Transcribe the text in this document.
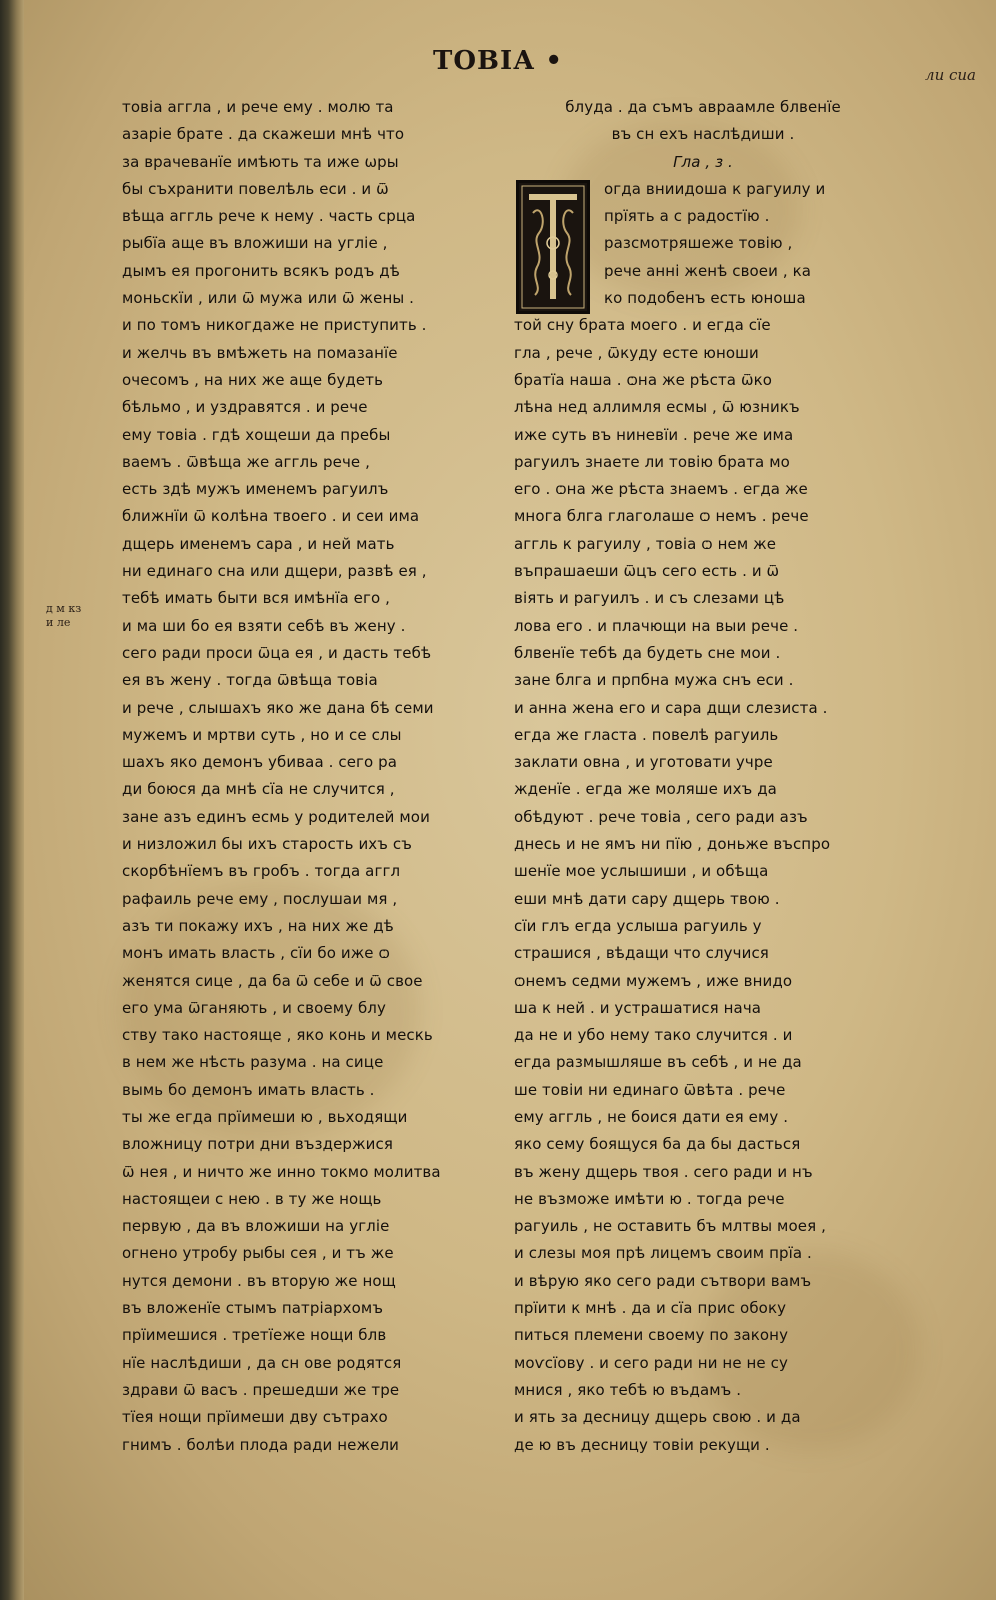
ТОВІА •	ли сиа
д м кз
и ле
товіа аггла , и рече ему . молю та
азаріе брате . да скажеши мнѣ что
за врачеванїе имѣють та иже ѡры
бы съхранити повелѣль еси . и ѿ
вѣща аггль рече к нему . часть срца
рыбїа аще въ вложиши на угліе ,
дымъ ея прогонить всякъ родъ дѣ
моньскїи , или ѿ мужа или ѿ жены .
и по томъ никогдаже не приступить .
и желчь въ вмѣжеть на помазанїе
очесомъ , на них же аще будеть
бѣльмо , и уздравятся . и рече
ему товіа . гдѣ хощеши да пребы
ваемъ . ѿвѣща же аггль рече ,
есть здѣ мужъ именемъ рагуилъ
ближнїи ѿ колѣна твоего . и сеи има
дщерь именемъ сара , и ней мать
ни единаго сна или дщери, развѣ ея ,
тебѣ имать быти вся имѣнїа его ,
и ма ши бо ея взяти себѣ въ жену .
сего ради проси ѿца ея , и дасть тебѣ
ея въ жену . тогда ѿвѣща товіа
и рече , слышахъ яко же дана бѣ семи
мужемъ и мртви суть , но и се слы
шахъ яко демонъ убиваа . сего ра
ди боюся да мнѣ сїа не случится ,
зане азъ единъ есмь у родителей мои
и низложил бы ихъ старость ихъ съ
скорбѣнїемъ въ гробъ . тогда аггл
рафаиль рече ему , послушаи мя ,
азъ ти покажу ихъ , на них же дѣ
монъ имать власть , сїи бо иже ѻ
женятся сице , да ба ѿ себе и ѿ свое
его ума ѿганяють , и своему блу
ству тако настояще , яко конь и мескь
в нем же нѣсть разума . на сице
вымь бо демонъ имать власть .
ты же егда прїимеши ю , вьходящи
вложницу потри дни въздержися
ѿ нея , и ничто же инно токмо молитва
настоящеи с нею . в ту же нощь
первую , да въ вложиши на угліе
огнено утробу рыбы сея , и тъ же
нутся демони . въ вторую же нощ
въ вложенїе стымъ патріархомъ
прїимешися . третїеже нощи блв
нїе наслѣдиши , да сн ове родятся
здрави ѿ васъ . прешедши же тре
тїея нощи прїимеши дву сътрахо
гнимъ . болѣи плода ради нежели
блуда . да съмъ авраамле блвенїе
въ сн ехъ наслѣдиши .
Гла , з .
огда вниидоша к рагуилу и
прїять а с радостїю .
разсмотряшеже товію ,
рече анні женѣ своеи , ка
ко подобенъ есть юноша
той сну брата моего . и егда сїе
гла , рече , ѿкуду есте юноши
братїа наша . ѻна же рѣста ѿко
лѣна нед аллимля есмы , ѿ юзникъ
иже суть въ ниневїи . рече же има
рагуилъ знаете ли товію брата мо
его . ѻна же рѣста знаемъ . егда же
многа блга глаголаше ѻ немъ . рече
аггль к рагуилу , товіа ѻ нем же
въпрашаеши ѿцъ сего есть . и ѿ
віять и рагуилъ . и съ слезами цѣ
лова его . и плачющи на выи рече .
блвенїе тебѣ да будеть сне мои .
зане блга и прпбна мужа снъ еси .
и анна жена его и сара дщи слезиста .
егда же гласта . повелѣ рагуиль
заклати овна , и уготовати учре
жденїе . егда же моляше ихъ да
обѣдуют . рече товіа , сего ради азъ
днесь и не ямъ ни пїю , доньже въспро
шенїе мое услышиши , и обѣща
еши мнѣ дати сару дщерь твою .
сїи глъ егда услыша рагуиль у
страшися , вѣдащи что случися
ѻнемъ седми мужемъ , иже внидо
ша к ней . и устрашатися нача
да не и убо нему тако случится . и
егда размышляше въ себѣ , и не да
ше товіи ни единаго ѿвѣта . рече
ему аггль , не боися дати ея ему .
яко сему боящуся ба да бы дасться
въ жену дщерь твоя . сего ради и нъ
не възможе имѣти ю . тогда рече
рагуиль , не ѻставить бъ млтвы моея ,
и слезы моя прѣ лицемъ своим прїа .
и вѣрую яко сего ради сътвори вамъ
прїити к мнѣ . да и сїа прис обоку
питься племени своему по закону
моѵсїову . и сего ради ни не не су
мнися , яко тебѣ ю въдамъ .
и ять за десницу дщерь свою . и да
де ю въ десницу товіи рекущи .
